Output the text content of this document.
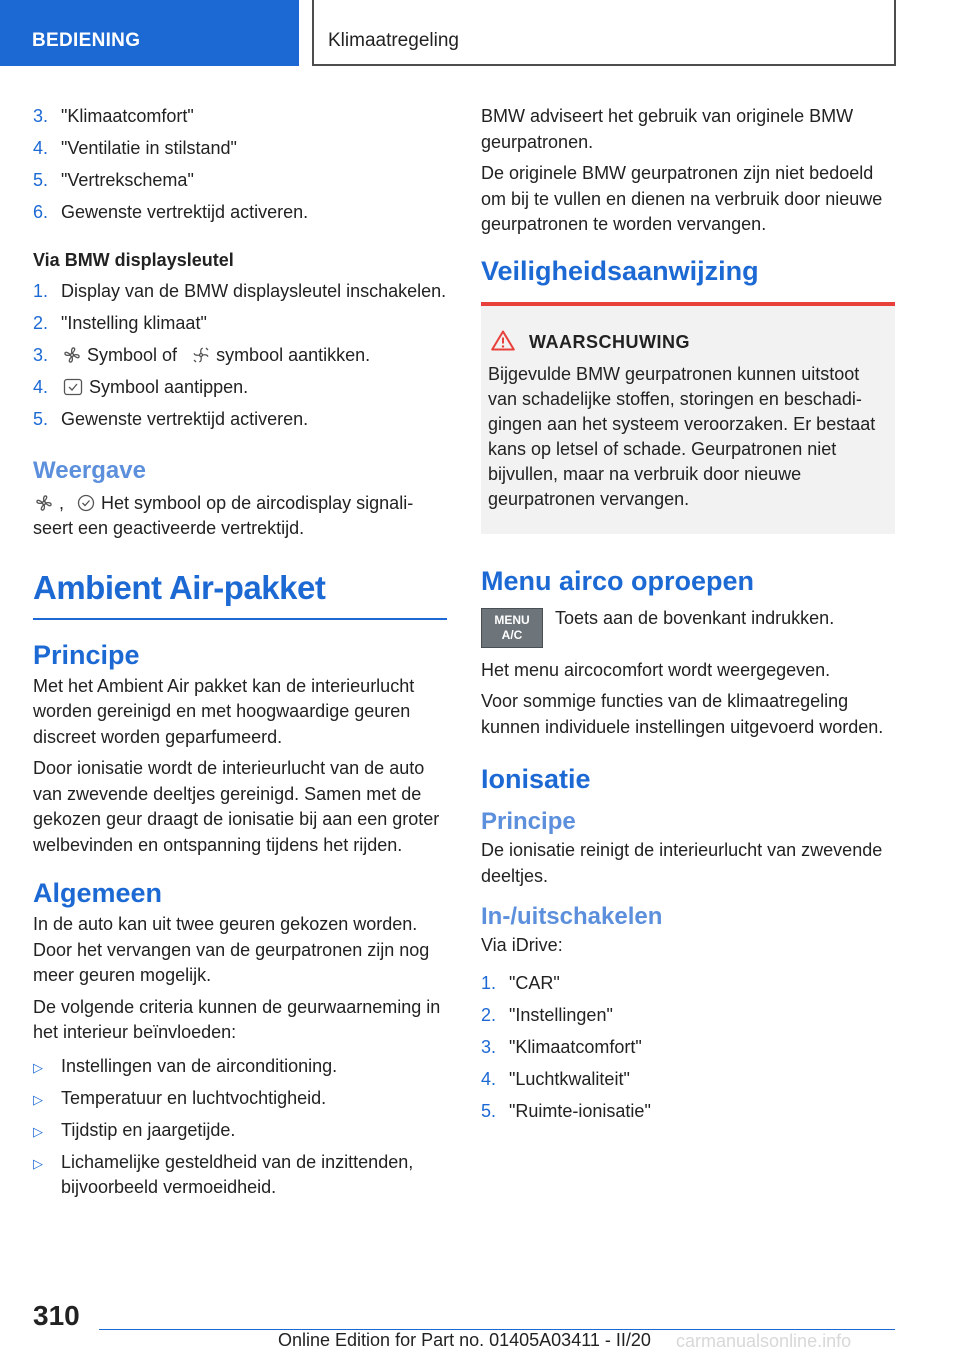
BEDIENING	Klimaatregeling
3. "Klimaatcomfort"
4. "Ventilatie in stilstand"
5. "Vertrekschema"
6. Gewenste vertrektijd activeren.

Via BMW displaysleutel

1. Display van de BMW displaysleutel inschakelen.
2. "Instelling klimaat"
3. Symbool of symbool aantikken.
4. Symbool aantippen.
5. Gewenste vertrektijd activeren.
Weergave

, Het symbool op de aircodisplay signaliseert een geactiveerde vertrektijd.

Ambient Air-pakket
Principe

Met het Ambient Air pakket kan de interieurlucht worden gereinigd en met hoogwaardige geuren discreet worden geparfumeerd.

Door ionisatie wordt de interieurlucht van de auto van zwevende deeltjes gereinigd. Samen met de gekozen geur draagt de ionisatie bij aan een groter welbevinden en ontspanning tijdens het rijden.

Algemeen

In de auto kan uit twee geuren gekozen worden. Door het vervangen van de geurpatronen zijn nog meer geuren mogelijk.

De volgende criteria kunnen de geurwaarneming in het interieur beïnvloeden:

▷ Instellingen van de airconditioning.
▷ Temperatuur en luchtvochtigheid.
▷ Tijdstip en jaargetijde.
▷ Lichamelijke gesteldheid van de inzittenden, bijvoorbeeld vermoeidheid.

BMW adviseert het gebruik van originele BMW geurpatronen.

De originele BMW geurpatronen zijn niet bedoeld om bij te vullen en dienen na verbruik door nieuwe geurpatronen te worden vervangen.

Veiligheidsaanwijzing
WAARSCHUWING

Bijgevulde BMW geurpatronen kunnen uitstoot van schadelijke stoffen, storingen en beschadigingen aan het systeem veroorzaken. Er bestaat kans op letsel of schade. Geurpatronen niet bijvullen, maar na verbruik door nieuwe geurpatronen vervangen.

Menu airco oproepen
MENU
A/C

Toets aan de bovenkant indrukken.

Het menu aircocomfort wordt weergegeven.

Voor sommige functies van de klimaatregeling kunnen individuele instellingen uitgevoerd worden.

Ionisatie
Principe

De ionisatie reinigt de interieurlucht van zwevende deeltjes.

In-/uitschakelen

Via iDrive:

1. "CAR"
2. "Instellingen"
3. "Klimaatcomfort"
4. "Luchtkwaliteit"
5. "Ruimte-ionisatie"
310
Online Edition for Part no. 01405A03411 - II/20 carmanualsonline.info
